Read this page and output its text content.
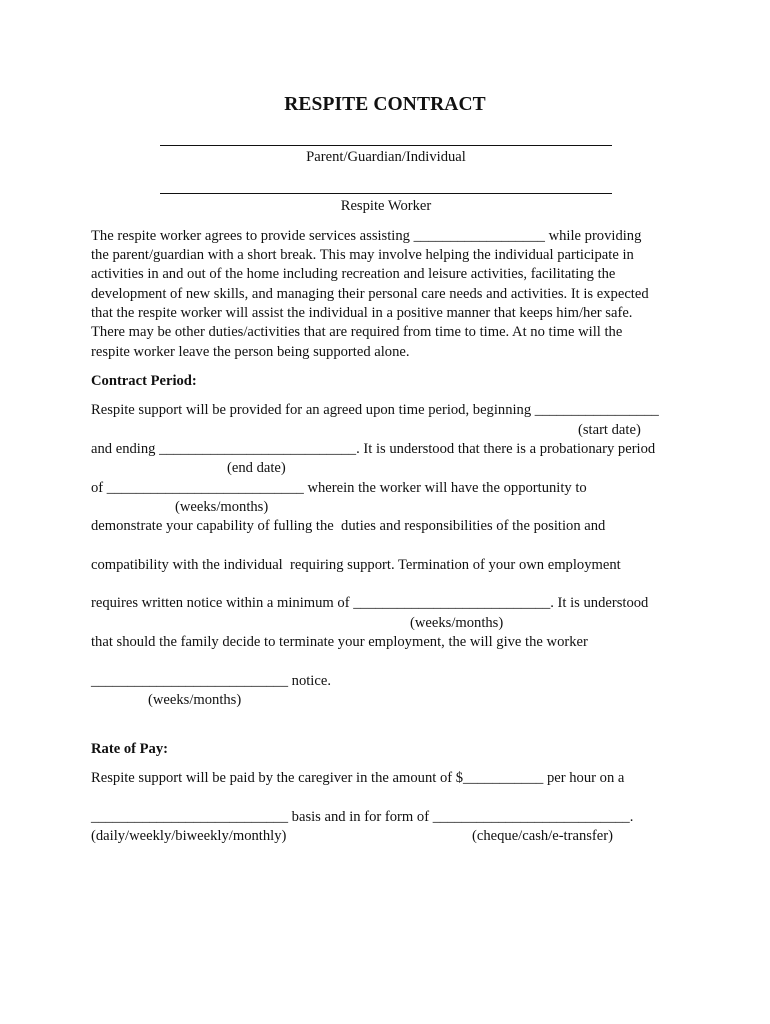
RESPITE CONTRACT
Parent/Guardian/Individual
Respite Worker

The respite worker agrees to provide services assisting __________________ while providing

the parent/guardian with a short break. This may involve helping the individual participate in

activities in and out of the home including recreation and leisure activities, facilitating the

development of new skills, and managing their personal care needs and activities. It is expected

that the respite worker will assist the individual in a positive manner that keeps him/her safe.

There may be other duties/activities that are required from time to time. At no time will the

respite worker leave the person being supported alone.

Contract Period:

Respite support will be provided for an agreed upon time period, beginning _________________

(start date)

and ending ___________________________. It is understood that there is a probationary period

(end date)

of ___________________________ wherein the worker will have the opportunity to

(weeks/months)

demonstrate your capability of fulling the  duties and responsibilities of the position and

compatibility with the individual  requiring support. Termination of your own employment

requires written notice within a minimum of ___________________________. It is understood

(weeks/months)

that should the family decide to terminate your employment, the will give the worker

___________________________ notice.

(weeks/months)

Rate of Pay:

Respite support will be paid by the caregiver in the amount of $___________ per hour on a

___________________________ basis and in for form of ___________________________.

(daily/weekly/biweekly/monthly)	(cheque/cash/e-transfer)
